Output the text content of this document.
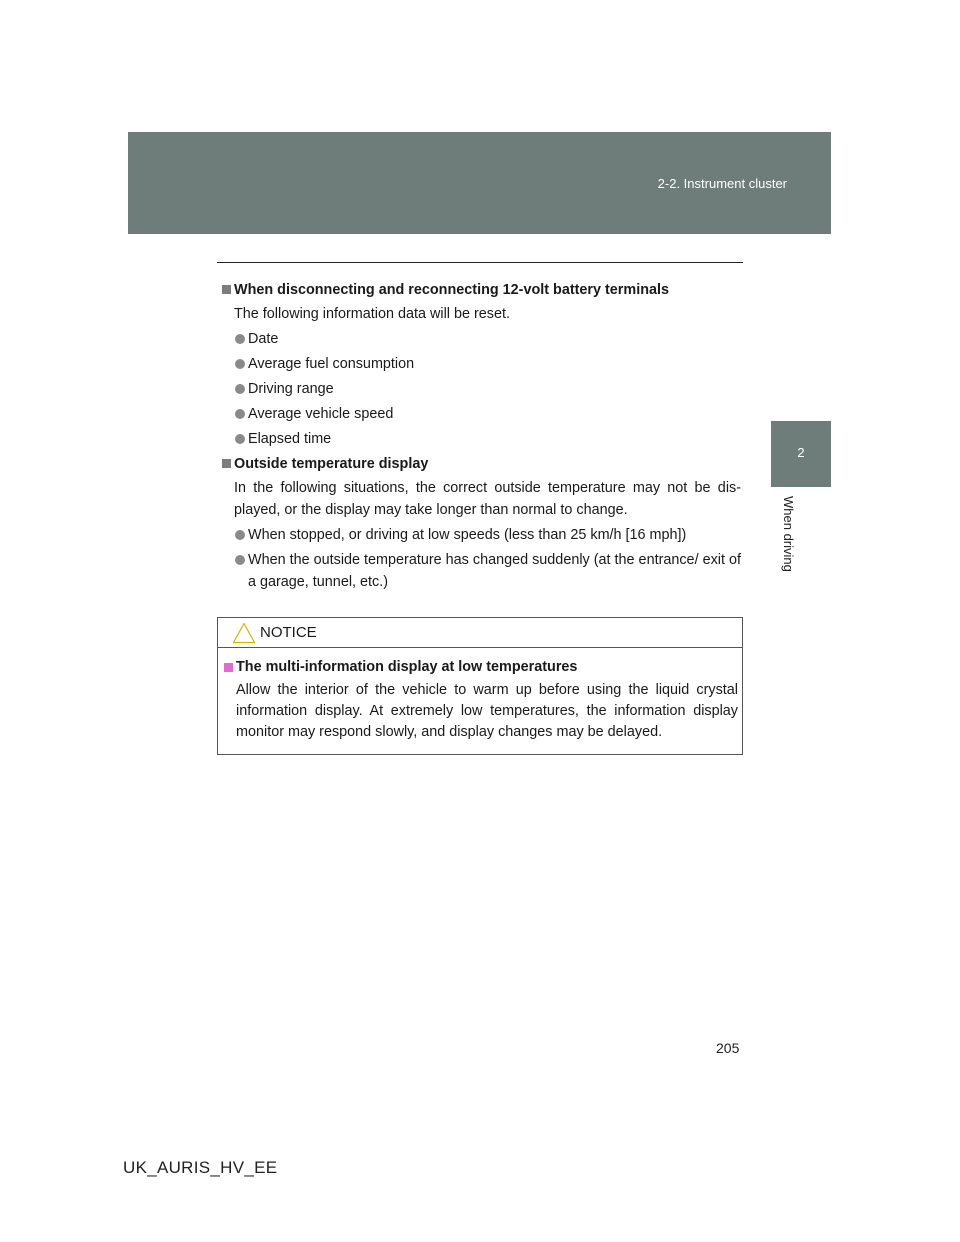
2-2. Instrument cluster
2
When driving
When disconnecting and reconnecting 12-volt battery terminals
The following information data will be reset.
Date
Average fuel consumption
Driving range
Average vehicle speed
Elapsed time
Outside temperature display
In the following situations, the correct outside temperature may not be dis-played, or the display may take longer than normal to change.
When stopped, or driving at low speeds (less than 25 km/h [16 mph])
When the outside temperature has changed suddenly (at the entrance/ exit of a garage, tunnel, etc.)
NOTICE
The multi-information display at low temperatures
Allow the interior of the vehicle to warm up before using the liquid crystal information display. At extremely low temperatures, the information display monitor may respond slowly, and display changes may be delayed.
205
UK_AURIS_HV_EE
